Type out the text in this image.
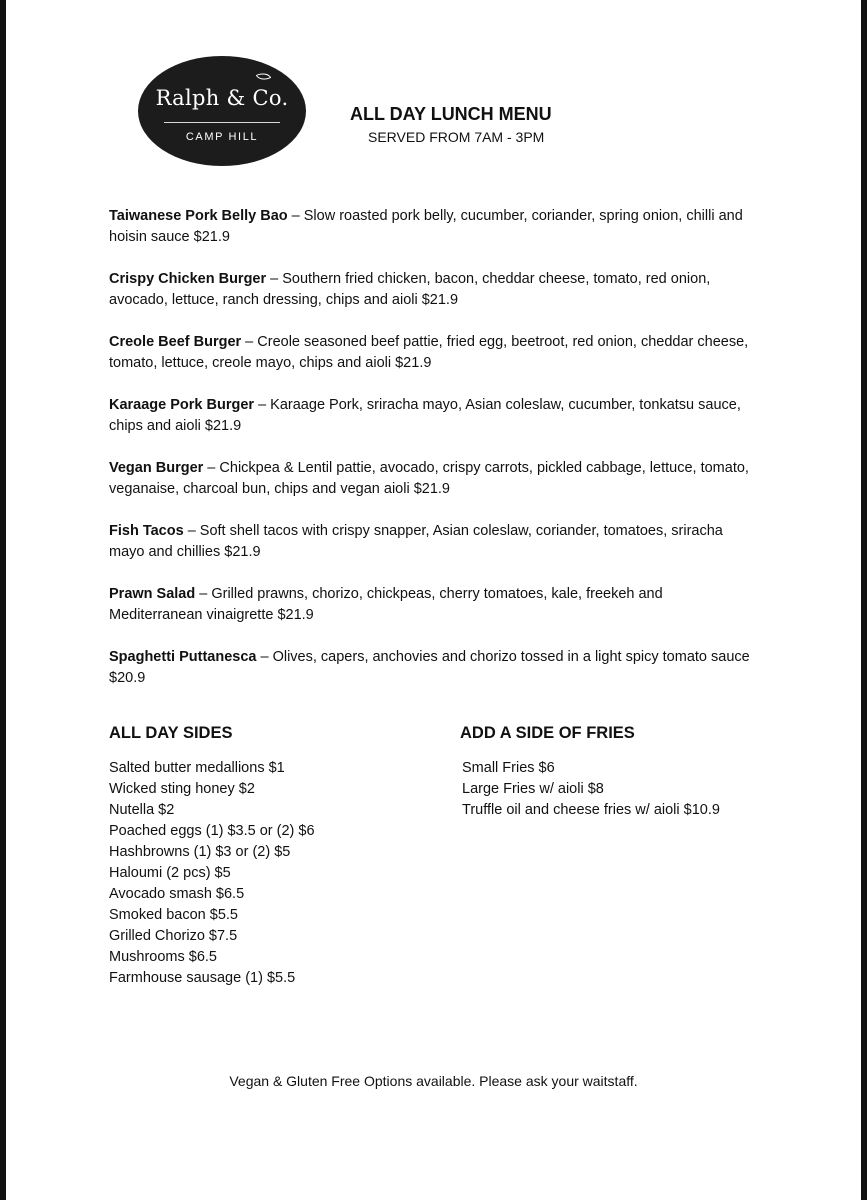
Ralph & Co.
CAMP HILL
ALL DAY LUNCH MENU
SERVED FROM 7AM - 3PM
Taiwanese Pork Belly Bao – Slow roasted pork belly, cucumber, coriander, spring onion, chilli and hoisin sauce $21.9
Crispy Chicken Burger – Southern fried chicken, bacon, cheddar cheese, tomato, red onion, avocado, lettuce, ranch dressing, chips and aioli $21.9
Creole Beef Burger – Creole seasoned beef pattie, fried egg, beetroot, red onion, cheddar cheese, tomato, lettuce, creole mayo, chips and aioli $21.9
Karaage Pork Burger – Karaage Pork, sriracha mayo, Asian coleslaw, cucumber, tonkatsu sauce, chips and aioli $21.9
Vegan Burger – Chickpea & Lentil pattie, avocado, crispy carrots, pickled cabbage, lettuce, tomato, veganaise, charcoal bun, chips and vegan aioli $21.9
Fish Tacos – Soft shell tacos with crispy snapper, Asian coleslaw, coriander, tomatoes, sriracha mayo and chillies $21.9
Prawn Salad – Grilled prawns, chorizo, chickpeas, cherry tomatoes, kale, freekeh and Mediterranean vinaigrette $21.9
Spaghetti Puttanesca – Olives, capers, anchovies and chorizo tossed in a light spicy tomato sauce $20.9
ALL DAY SIDES
Salted butter medallions $1
Wicked sting honey $2
Nutella $2
Poached eggs (1) $3.5 or (2) $6
Hashbrowns (1) $3 or (2) $5
Haloumi (2 pcs) $5
Avocado smash $6.5
Smoked bacon $5.5
Grilled Chorizo $7.5
Mushrooms $6.5
Farmhouse sausage (1) $5.5
ADD A SIDE OF FRIES
Small Fries $6
Large Fries w/ aioli $8
Truffle oil and cheese fries w/ aioli $10.9
Vegan & Gluten Free Options available. Please ask your waitstaff.
